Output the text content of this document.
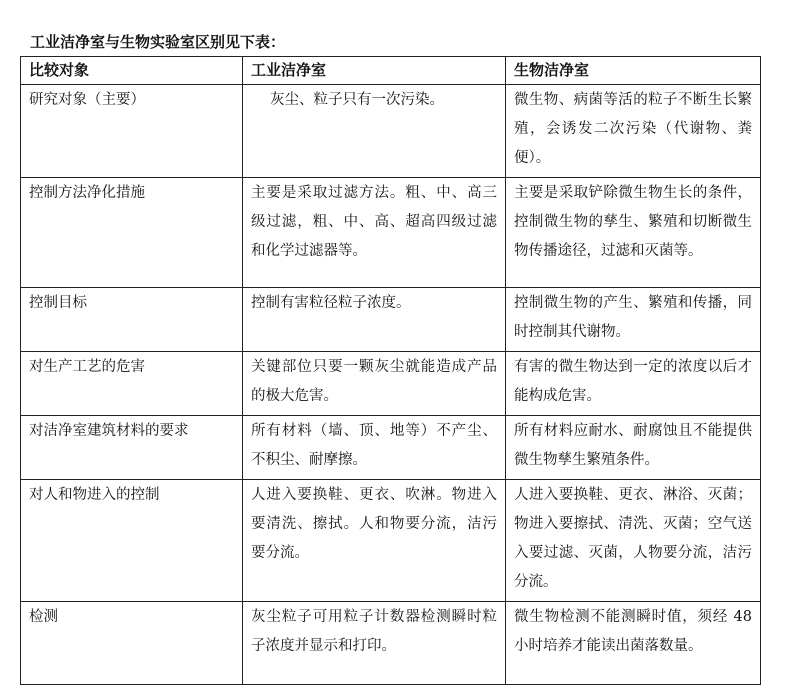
工业洁净室与生物实验室区别见下表：
比较对象	工业洁净室	生物洁净室
研究对象（主要）	灰尘、粒子只有一次污染。	微生物、病菌等活的粒子不断生长繁殖，会诱发二次污染（代谢物、粪便）。
控制方法净化措施	主要是采取过滤方法。粗、中、高三级过滤，粗、中、高、超高四级过滤和化学过滤器等。	主要是采取铲除微生物生长的条件，控制微生物的孳生、繁殖和切断微生物传播途径，过滤和灭菌等。
控制目标	控制有害粒径粒子浓度。	控制微生物的产生、繁殖和传播，同时控制其代谢物。
对生产工艺的危害	关键部位只要一颗灰尘就能造成产品的极大危害。	有害的微生物达到一定的浓度以后才能构成危害。
对洁净室建筑材料的要求	所有材料（墙、顶、地等）不产尘、不积尘、耐摩擦。	所有材料应耐水、耐腐蚀且不能提供微生物孳生繁殖条件。
对人和物进入的控制	人进入要换鞋、更衣、吹淋。物进入要清洗、擦拭。人和物要分流，洁污要分流。	人进入要换鞋、更衣、淋浴、灭菌；物进入要擦拭、清洗、灭菌；空气送入要过滤、灭菌，人物要分流，洁污分流。
检测	灰尘粒子可用粒子计数器检测瞬时粒子浓度并显示和打印。	微生物检测不能测瞬时值，须经 48 小时培养才能读出菌落数量。
